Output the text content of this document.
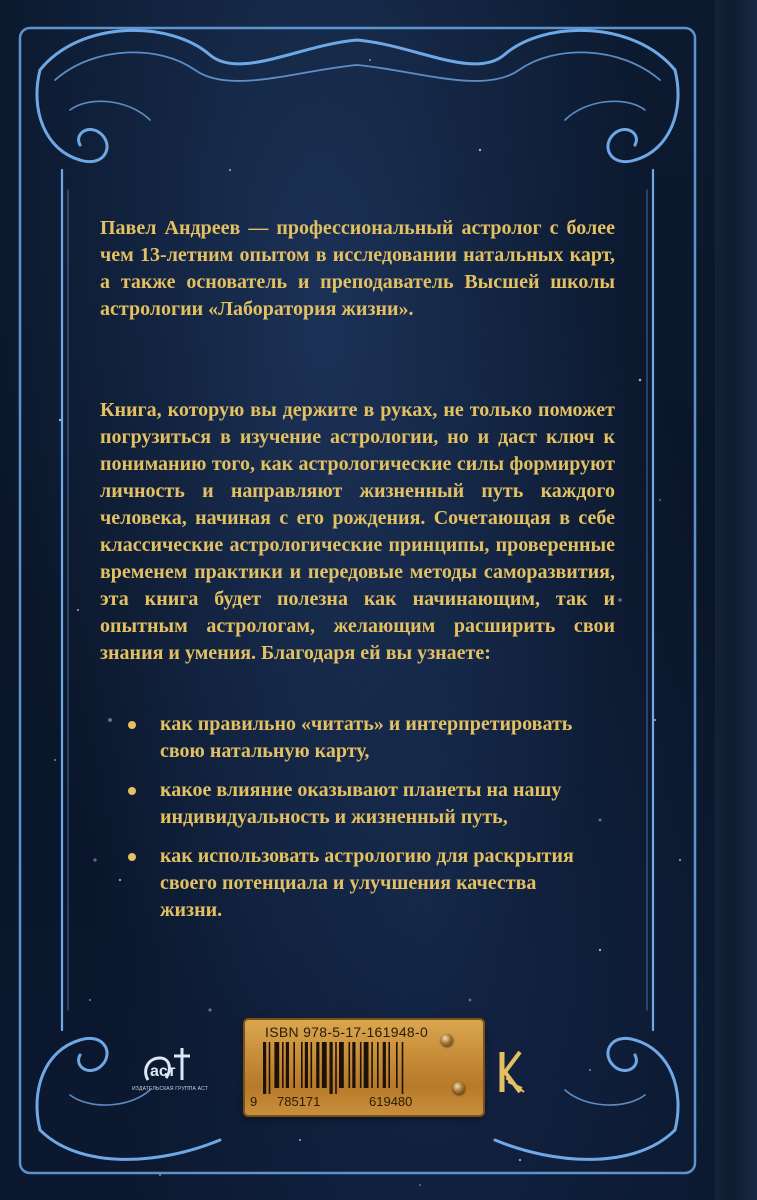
Павел Андреев — профессиональный астролог с более чем 13-летним опытом в исследовании натальных карт, а также основатель и преподаватель Высшей школы астрологии «Лаборатория жизни».
Книга, которую вы держите в руках, не только поможет погрузиться в изучение астрологии, но и даст ключ к пониманию того, как астрологические силы формируют личность и направляют жизненный путь каждого человека, начиная с его рождения. Сочетающая в себе классические астрологические принципы, проверенные временем практики и передовые методы саморазвития, эта книга будет полезна как начинающим, так и опытным астрологам, желающим расширить свои знания и умения. Благодаря ей вы узнаете:
как правильно «читать» и интерпретировать свою натальную карту,
какое влияние оказывают планеты на нашу индивидуальность и жизненный путь,
как использовать астрологию для раскрытия своего потенциала и улучшения качества жизни.
аст
ИЗДАТЕЛЬСКАЯ ГРУППА АСТ
ISBN 978-5-17-161948-0
9 785171	619480
